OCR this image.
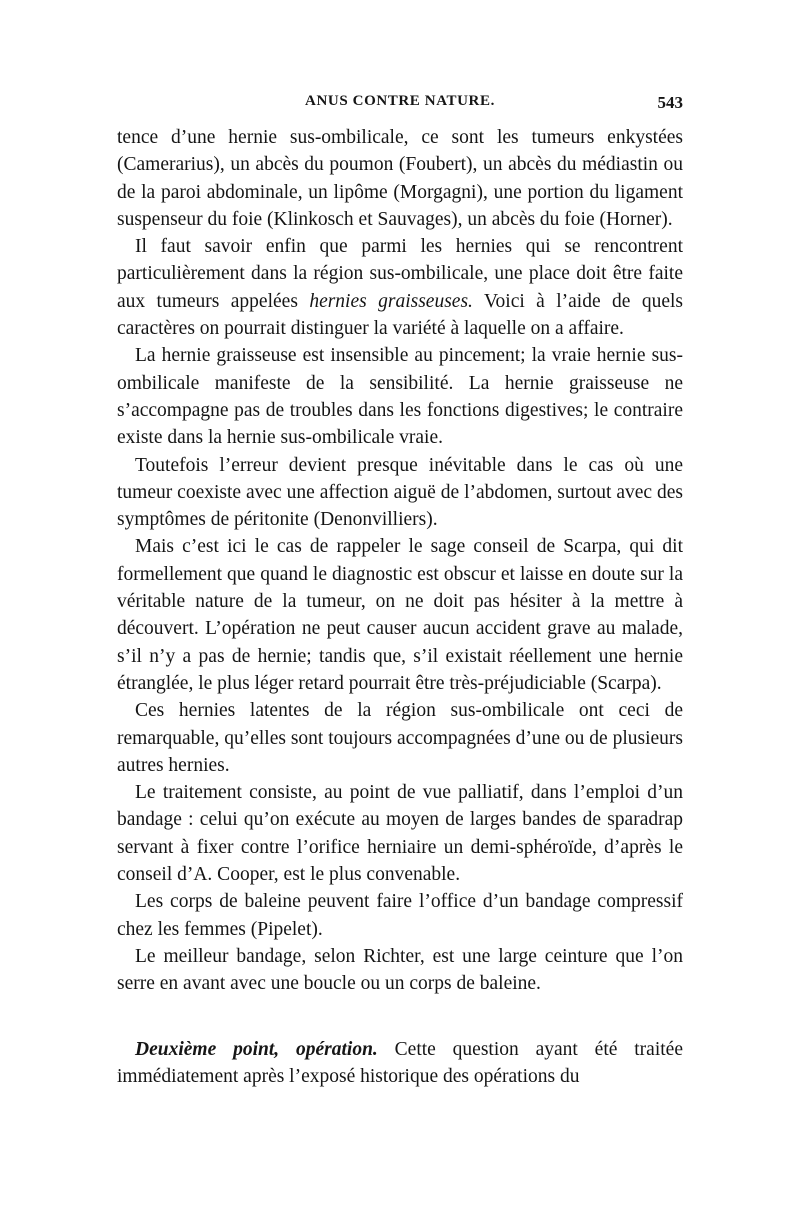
ANUS CONTRE NATURE.	543

tence d’une hernie sus-ombilicale, ce sont les tumeurs enkystées (Camerarius), un abcès du poumon (Foubert), un abcès du médiastin ou de la paroi abdominale, un lipôme (Morgagni), une portion du ligament suspenseur du foie (Klinkosch et Sauvages), un abcès du foie (Horner).

Il faut savoir enfin que parmi les hernies qui se rencontrent particulièrement dans la région sus-ombilicale, une place doit être faite aux tumeurs appelées hernies graisseuses. Voici à l’aide de quels caractères on pourrait distinguer la variété à laquelle on a affaire.

La hernie graisseuse est insensible au pincement; la vraie hernie sus-ombilicale manifeste de la sensibilité. La hernie graisseuse ne s’accompagne pas de troubles dans les fonctions digestives; le contraire existe dans la hernie sus-ombilicale vraie.

Toutefois l’erreur devient presque inévitable dans le cas où une tumeur coexiste avec une affection aiguë de l’abdomen, surtout avec des symptômes de péritonite (Denonvilliers).

Mais c’est ici le cas de rappeler le sage conseil de Scarpa, qui dit formellement que quand le diagnostic est obscur et laisse en doute sur la véritable nature de la tumeur, on ne doit pas hésiter à la mettre à découvert. L’opération ne peut causer aucun accident grave au malade, s’il n’y a pas de hernie; tandis que, s’il existait réellement une hernie étranglée, le plus léger retard pourrait être très-préjudiciable (Scarpa).

Ces hernies latentes de la région sus-ombilicale ont ceci de remarquable, qu’elles sont toujours accompagnées d’une ou de plusieurs autres hernies.

Le traitement consiste, au point de vue palliatif, dans l’emploi d’un bandage : celui qu’on exécute au moyen de larges bandes de sparadrap servant à fixer contre l’orifice herniaire un demi-sphéroïde, d’après le conseil d’A. Cooper, est le plus convenable.

Les corps de baleine peuvent faire l’office d’un bandage compressif chez les femmes (Pipelet).

Le meilleur bandage, selon Richter, est une large ceinture que l’on serre en avant avec une boucle ou un corps de baleine.

Deuxième point, opération. Cette question ayant été traitée immédiatement après l’exposé historique des opérations du
